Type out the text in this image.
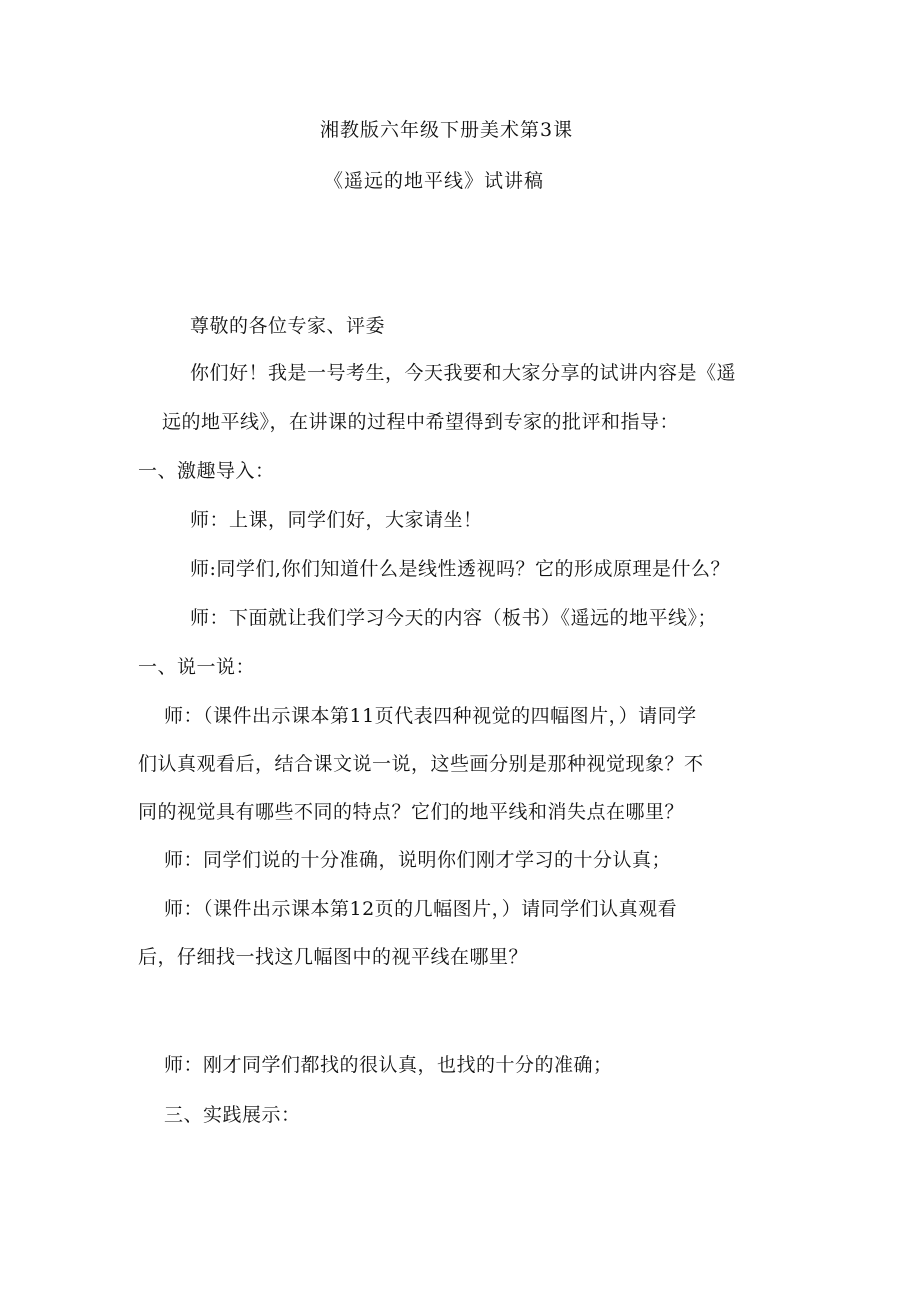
湘教版六年级下册美术第3课
《遥远的地平线》试讲稿
尊敬的各位专家、评委
你们好！我是一号考生，今天我要和大家分享的试讲内容是《遥
远的地平线》，在讲课的过程中希望得到专家的批评和指导：
一、激趣导入：
师：上课，同学们好，大家请坐！
师:同学们,你们知道什么是线性透视吗？它的形成原理是什么？
师：下面就让我们学习今天的内容（板书）《遥远的地平线》；
一、说一说：
师：（课件出示课本第11页代表四种视觉的四幅图片，）请同学
们认真观看后，结合课文说一说，这些画分别是那种视觉现象？不
同的视觉具有哪些不同的特点？它们的地平线和消失点在哪里？
师：同学们说的十分准确，说明你们刚才学习的十分认真；
师：（课件出示课本第12页的几幅图片，）请同学们认真观看
后，仔细找一找这几幅图中的视平线在哪里？
师：刚才同学们都找的很认真，也找的十分的准确；
三、实践展示：
